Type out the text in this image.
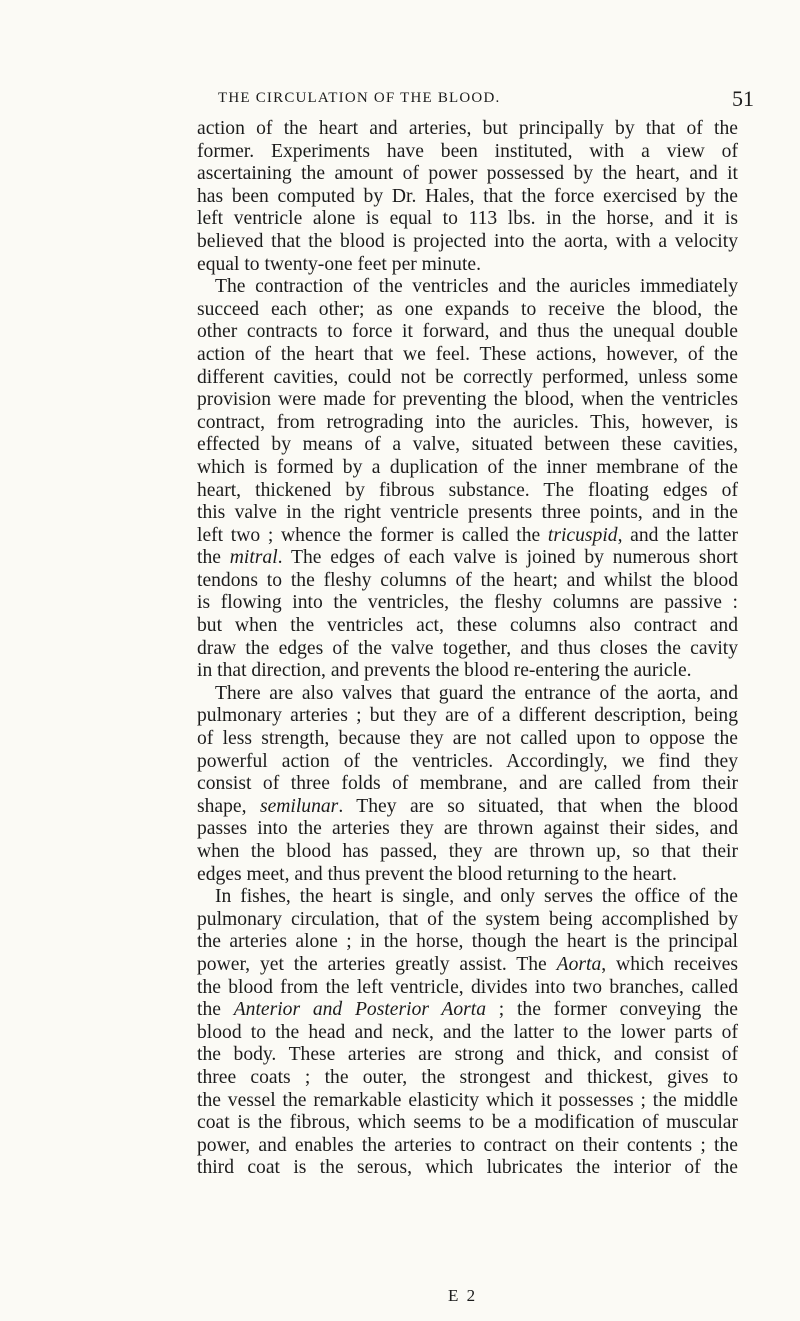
THE CIRCULATION OF THE BLOOD.	51
action of the heart and arteries, but principally by that of the
former. Experiments have been instituted, with a view of
ascertaining the amount of power possessed by the heart, and it
has been computed by Dr. Hales, that the force exercised by the
left ventricle alone is equal to 113 lbs. in the horse, and it is
believed that the blood is projected into the aorta, with a velocity
equal to twenty-one feet per minute.
The contraction of the ventricles and the auricles immediately
succeed each other; as one expands to receive the blood, the
other contracts to force it forward, and thus the unequal double
action of the heart that we feel. These actions, however, of the
different cavities, could not be correctly performed, unless some
provision were made for preventing the blood, when the ventricles
contract, from retrograding into the auricles. This, however, is
effected by means of a valve, situated between these cavities,
which is formed by a duplication of the inner membrane of the
heart, thickened by fibrous substance. The floating edges of
this valve in the right ventricle presents three points, and in the
left two ; whence the former is called the tricuspid, and the latter
the mitral. The edges of each valve is joined by numerous short
tendons to the fleshy columns of the heart; and whilst the blood
is flowing into the ventricles, the fleshy columns are passive :
but when the ventricles act, these columns also contract and
draw the edges of the valve together, and thus closes the cavity
in that direction, and prevents the blood re-entering the auricle.
There are also valves that guard the entrance of the aorta, and
pulmonary arteries ; but they are of a different description, being
of less strength, because they are not called upon to oppose the
powerful action of the ventricles. Accordingly, we find they
consist of three folds of membrane, and are called from their
shape, semilunar. They are so situated, that when the blood
passes into the arteries they are thrown against their sides, and
when the blood has passed, they are thrown up, so that their
edges meet, and thus prevent the blood returning to the heart.
In fishes, the heart is single, and only serves the office of the
pulmonary circulation, that of the system being accomplished by
the arteries alone ; in the horse, though the heart is the principal
power, yet the arteries greatly assist. The Aorta, which receives
the blood from the left ventricle, divides into two branches, called
the Anterior and Posterior Aorta ; the former conveying the
blood to the head and neck, and the latter to the lower parts of
the body. These arteries are strong and thick, and consist of
three coats ; the outer, the strongest and thickest, gives to
the vessel the remarkable elasticity which it possesses ; the middle
coat is the fibrous, which seems to be a modification of muscular
power, and enables the arteries to contract on their contents ; the
third coat is the serous, which lubricates the interior of the
E 2
